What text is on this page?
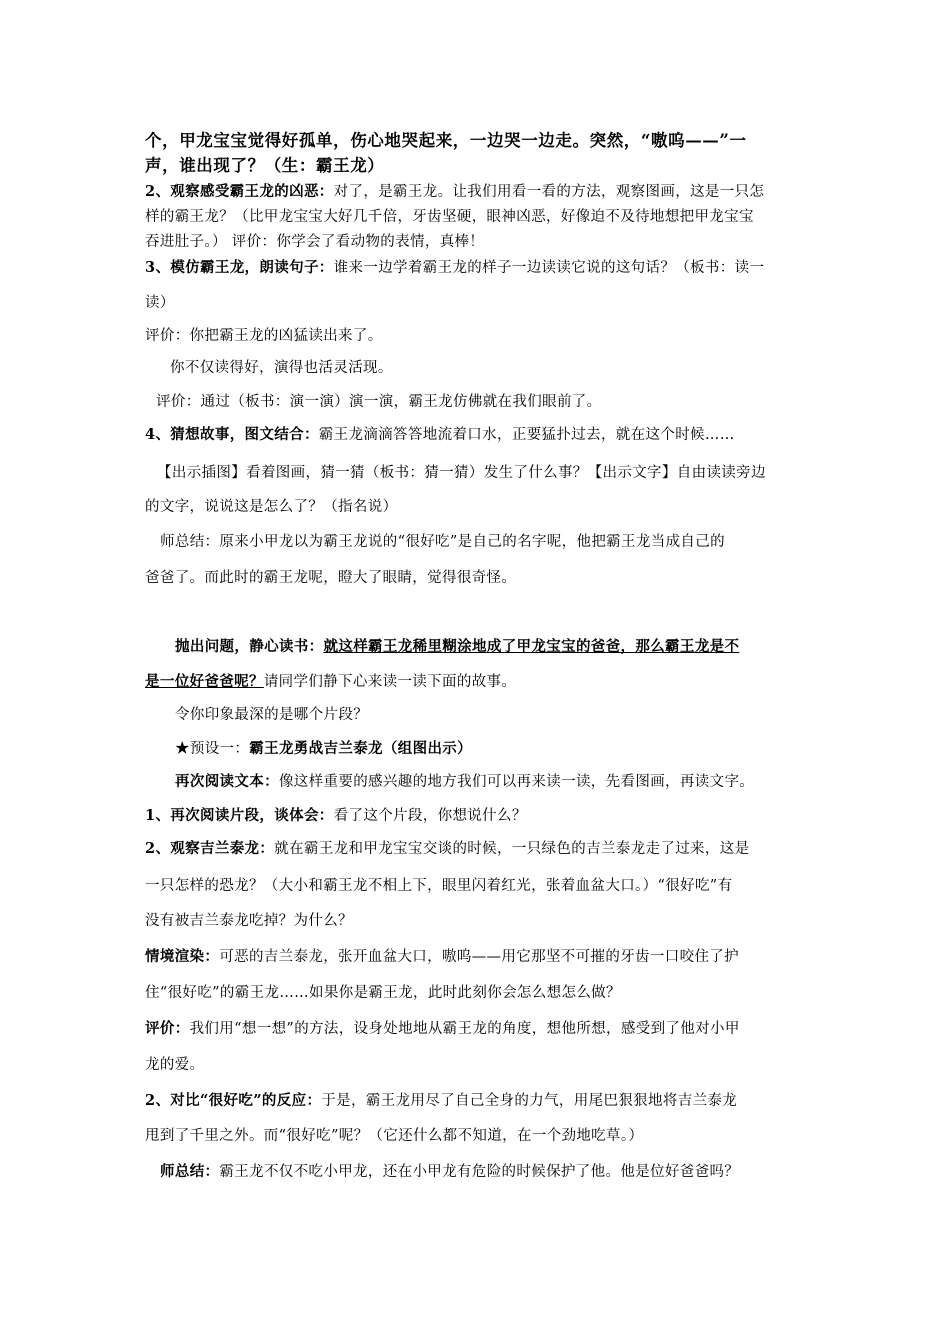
个，甲龙宝宝觉得好孤单，伤心地哭起来，一边哭一边走。突然，“嗷呜——”一
声，谁出现了？（生：霸王龙）
2、观察感受霸王龙的凶恶：对了，是霸王龙。让我们用看一看的方法，观察图画，这是一只怎
样的霸王龙？（比甲龙宝宝大好几千倍，牙齿坚硬，眼神凶恶，好像迫不及待地想把甲龙宝宝
吞进肚子。） 评价：你学会了看动物的表情，真棒！
3、模仿霸王龙，朗读句子：谁来一边学着霸王龙的样子一边读读它说的这句话？（板书：读一
读）
评价：你把霸王龙的凶猛读出来了。
你不仅读得好，演得也活灵活现。
评价：通过（板书：演一演）演一演，霸王龙仿佛就在我们眼前了。
4、猜想故事，图文结合：霸王龙滴滴答答地流着口水，正要猛扑过去，就在这个时候……
【出示插图】看着图画，猜一猜（板书：猜一猜）发生了什么事？【出示文字】自由读读旁边
的文字，说说这是怎么了？（指名说）
师总结：原来小甲龙以为霸王龙说的“很好吃”是自己的名字呢，他把霸王龙当成自己的
爸爸了。而此时的霸王龙呢，瞪大了眼睛，觉得很奇怪。
抛出问题，静心读书：就这样霸王龙稀里糊涂地成了甲龙宝宝的爸爸，那么霸王龙是不
是一位好爸爸呢？请同学们静下心来读一读下面的故事。
令你印象最深的是哪个片段？
★预设一：霸王龙勇战吉兰泰龙（组图出示）
再次阅读文本：像这样重要的感兴趣的地方我们可以再来读一读，先看图画，再读文字。
1、再次阅读片段，谈体会：看了这个片段，你想说什么？
2、观察吉兰泰龙：就在霸王龙和甲龙宝宝交谈的时候，一只绿色的吉兰泰龙走了过来，这是
一只怎样的恐龙？（大小和霸王龙不相上下，眼里闪着红光，张着血盆大口。）“很好吃”有
没有被吉兰泰龙吃掉？为什么？
情境渲染：可恶的吉兰泰龙，张开血盆大口，嗷呜——用它那坚不可摧的牙齿一口咬住了护
住“很好吃”的霸王龙……如果你是霸王龙，此时此刻你会怎么想怎么做？
评价：我们用“想一想”的方法，设身处地地从霸王龙的角度，想他所想，感受到了他对小甲
龙的爱。
2、对比“很好吃”的反应：于是，霸王龙用尽了自己全身的力气，用尾巴狠狠地将吉兰泰龙
甩到了千里之外。而“很好吃”呢？（它还什么都不知道，在一个劲地吃草。）
师总结：霸王龙不仅不吃小甲龙，还在小甲龙有危险的时候保护了他。他是位好爸爸吗？
